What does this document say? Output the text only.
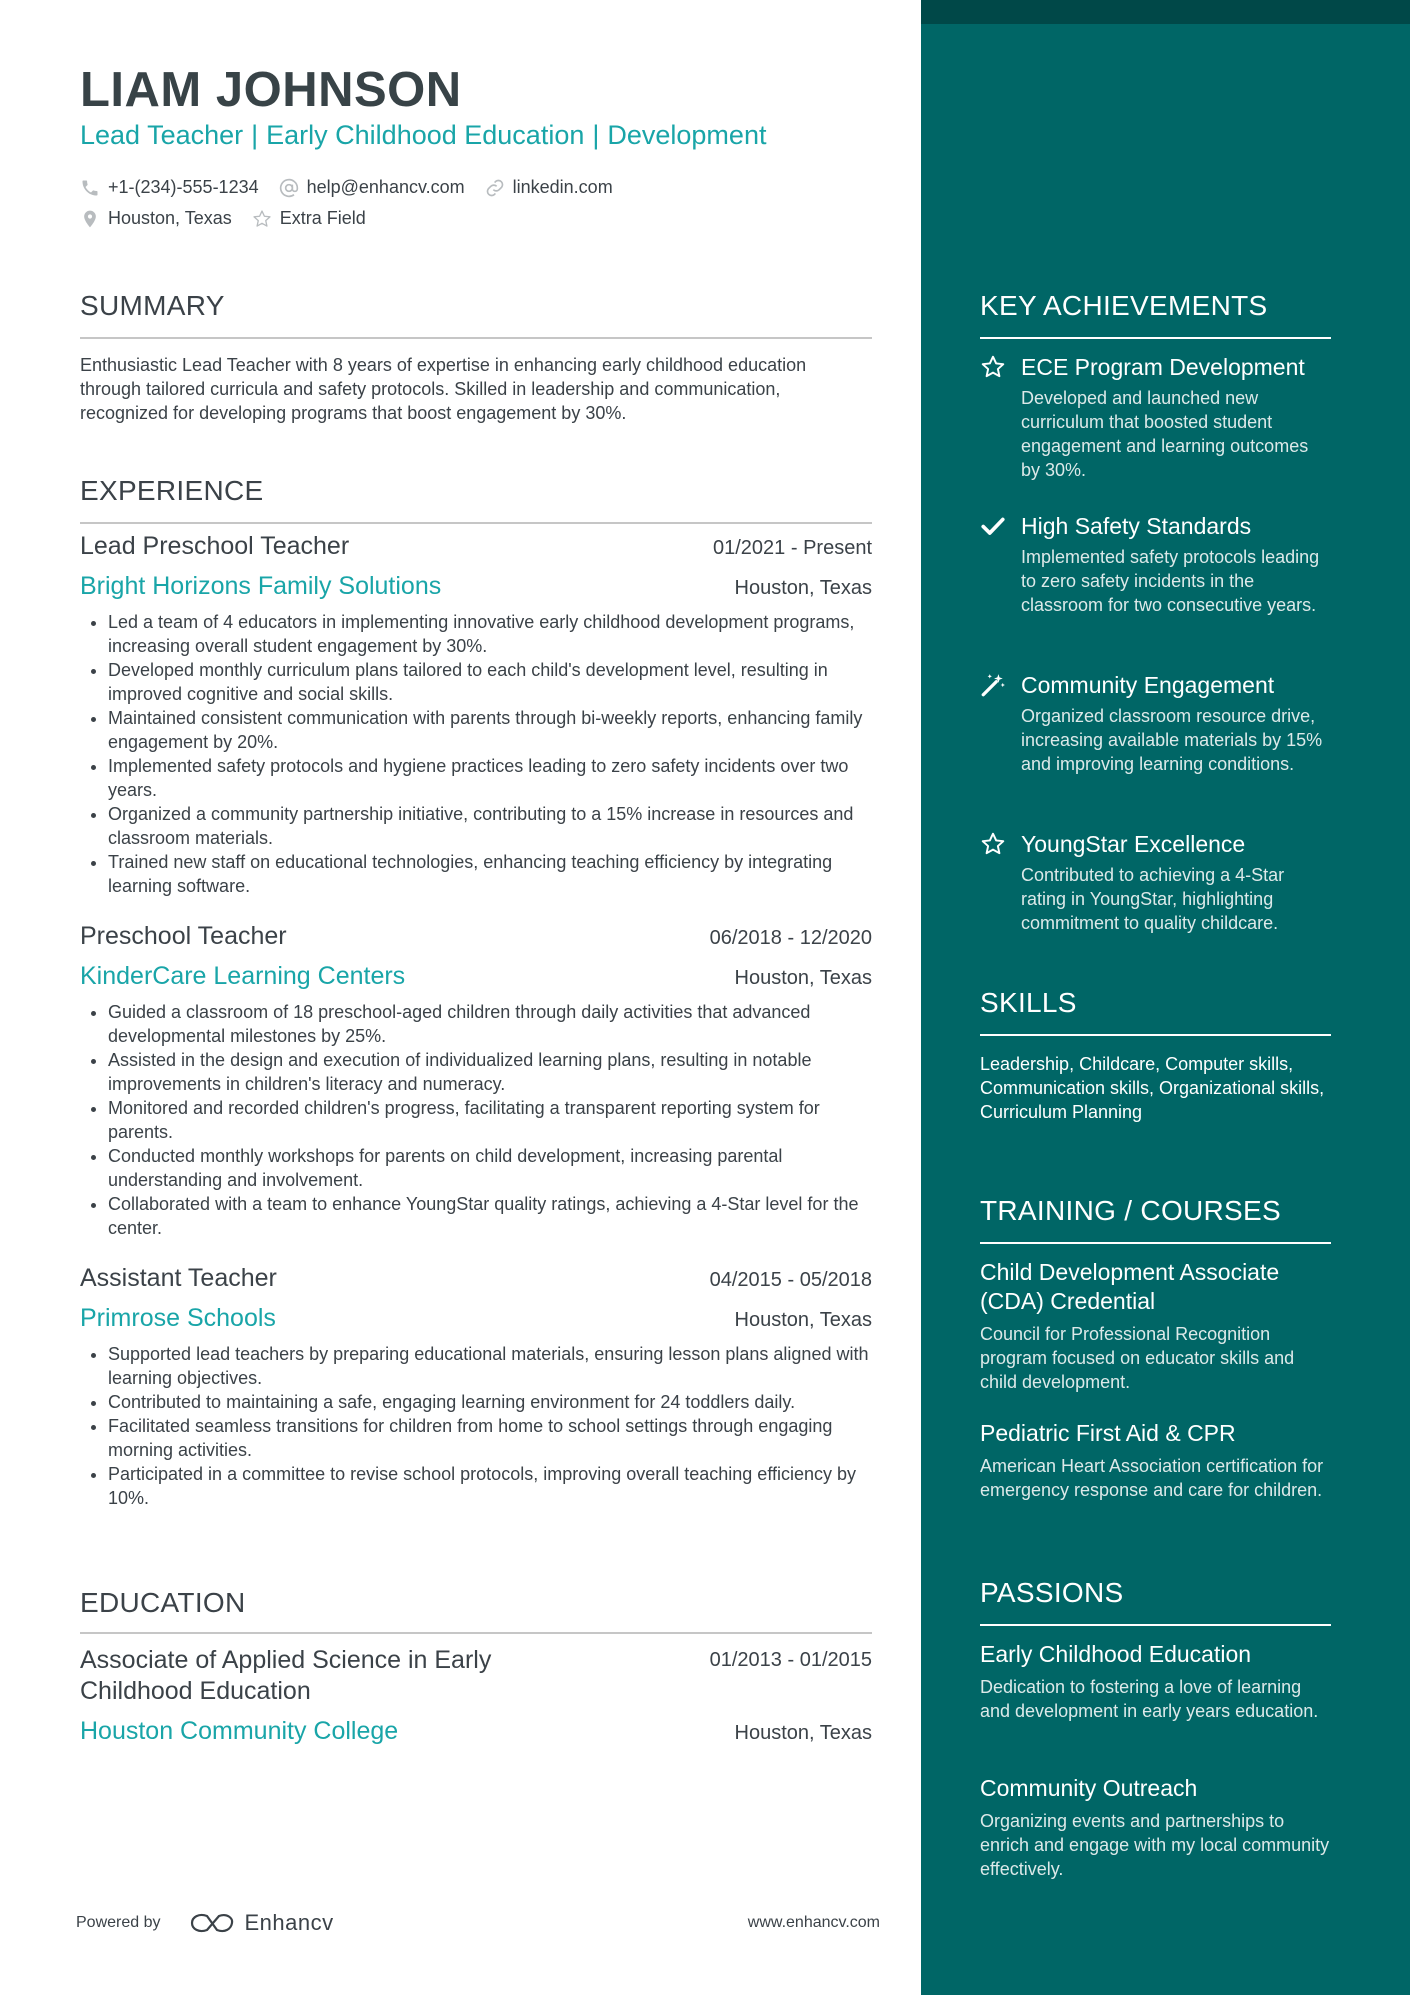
LIAM JOHNSON
Lead Teacher | Early Childhood Education | Development
+1-(234)-555-1234	help@enhancv.com	linkedin.com
Houston, Texas	Extra Field
SUMMARY
Enthusiastic Lead Teacher with 8 years of expertise in enhancing early childhood education through tailored curricula and safety protocols. Skilled in leadership and communication, recognized for developing programs that boost engagement by 30%.
EXPERIENCE
Lead Preschool Teacher	01/2021 - Present
Bright Horizons Family Solutions	Houston, Texas
• Led a team of 4 educators in implementing innovative early childhood development programs, increasing overall student engagement by 30%.
• Developed monthly curriculum plans tailored to each child's development level, resulting in improved cognitive and social skills.
• Maintained consistent communication with parents through bi-weekly reports, enhancing family engagement by 20%.
• Implemented safety protocols and hygiene practices leading to zero safety incidents over two years.
• Organized a community partnership initiative, contributing to a 15% increase in resources and classroom materials.
• Trained new staff on educational technologies, enhancing teaching efficiency by integrating learning software.
Preschool Teacher	06/2018 - 12/2020
KinderCare Learning Centers	Houston, Texas
• Guided a classroom of 18 preschool-aged children through daily activities that advanced developmental milestones by 25%.
• Assisted in the design and execution of individualized learning plans, resulting in notable improvements in children's literacy and numeracy.
• Monitored and recorded children's progress, facilitating a transparent reporting system for parents.
• Conducted monthly workshops for parents on child development, increasing parental understanding and involvement.
• Collaborated with a team to enhance YoungStar quality ratings, achieving a 4-Star level for the center.
Assistant Teacher	04/2015 - 05/2018
Primrose Schools	Houston, Texas
• Supported lead teachers by preparing educational materials, ensuring lesson plans aligned with learning objectives.
• Contributed to maintaining a safe, engaging learning environment for 24 toddlers daily.
• Facilitated seamless transitions for children from home to school settings through engaging morning activities.
• Participated in a committee to revise school protocols, improving overall teaching efficiency by 10%.
EDUCATION
Associate of Applied Science in Early Childhood Education
01/2013 - 01/2015
Houston Community College	Houston, Texas
Powered by	Enhancv	www.enhancv.com
KEY ACHIEVEMENTS
ECE Program Development
Developed and launched new curriculum that boosted student engagement and learning outcomes by 30%.
High Safety Standards
Implemented safety protocols leading to zero safety incidents in the classroom for two consecutive years.
Community Engagement
Organized classroom resource drive, increasing available materials by 15% and improving learning conditions.
YoungStar Excellence
Contributed to achieving a 4-Star rating in YoungStar, highlighting commitment to quality childcare.
SKILLS
Leadership, Childcare, Computer skills, Communication skills, Organizational skills, Curriculum Planning
TRAINING / COURSES
Child Development Associate (CDA) Credential
Council for Professional Recognition program focused on educator skills and child development.
Pediatric First Aid & CPR
American Heart Association certification for emergency response and care for children.
PASSIONS
Early Childhood Education
Dedication to fostering a love of learning and development in early years education.
Community Outreach
Organizing events and partnerships to enrich and engage with my local community effectively.
